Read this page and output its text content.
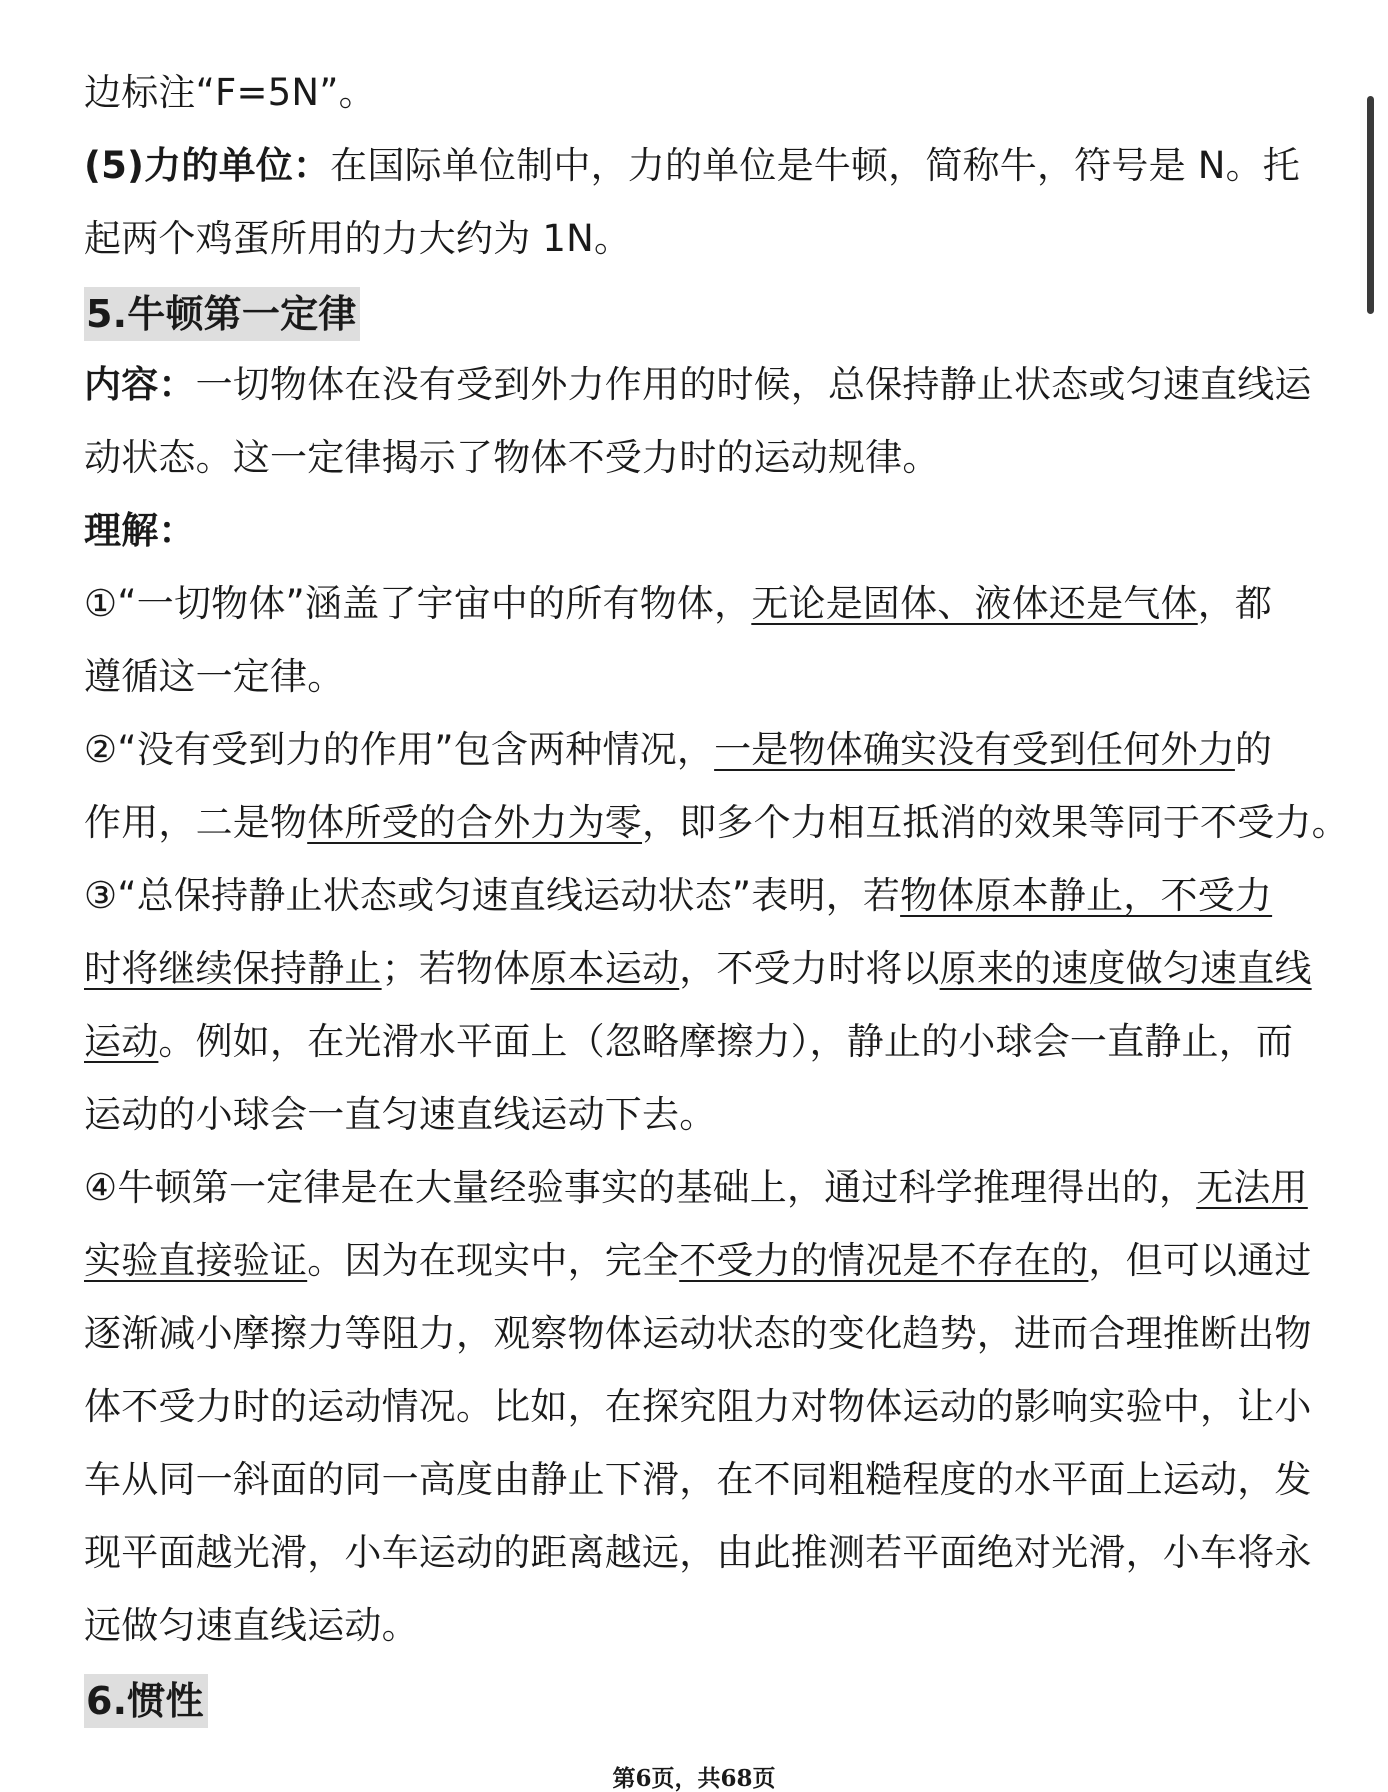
边标注“F=5N”。
(5)力的单位：在国际单位制中，力的单位是牛顿，简称牛，符号是 N。托
起两个鸡蛋所用的力大约为 1N。
5.牛顿第一定律
内容：一切物体在没有受到外力作用的时候，总保持静止状态或匀速直线运
动状态。这一定律揭示了物体不受力时的运动规律。
理解：
①“一切物体”涵盖了宇宙中的所有物体，无论是固体、液体还是气体，都
遵循这一定律。
②“没有受到力的作用”包含两种情况，一是物体确实没有受到任何外力的
作用，二是物体所受的合外力为零，即多个力相互抵消的效果等同于不受力。
③“总保持静止状态或匀速直线运动状态”表明，若物体原本静止，不受力
时将继续保持静止；若物体原本运动，不受力时将以原来的速度做匀速直线
运动。例如，在光滑水平面上（忽略摩擦力），静止的小球会一直静止，而
运动的小球会一直匀速直线运动下去。
④牛顿第一定律是在大量经验事实的基础上，通过科学推理得出的，无法用
实验直接验证。因为在现实中，完全不受力的情况是不存在的，但可以通过
逐渐减小摩擦力等阻力，观察物体运动状态的变化趋势，进而合理推断出物
体不受力时的运动情况。比如，在探究阻力对物体运动的影响实验中，让小
车从同一斜面的同一高度由静止下滑，在不同粗糙程度的水平面上运动，发
现平面越光滑，小车运动的距离越远，由此推测若平面绝对光滑，小车将永
远做匀速直线运动。
6.惯性
第6页，共68页
